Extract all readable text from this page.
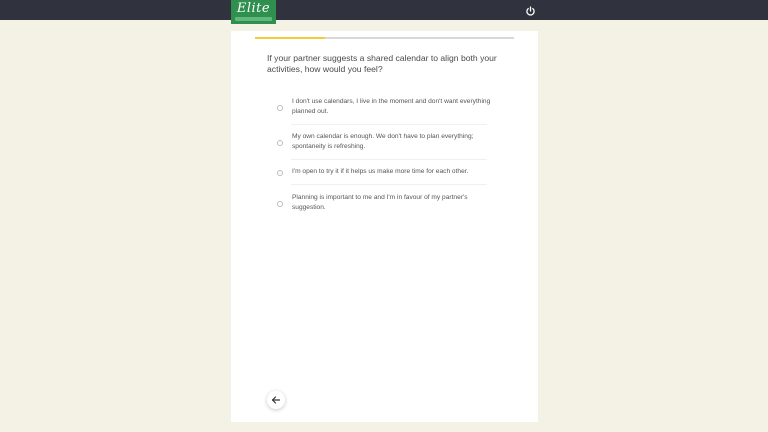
Elite
If your partner suggests a shared calendar to align both your activities, how would you feel?
I don't use calendars, I live in the moment and don't want everything planned out.
My own calendar is enough. We don't have to plan everything; spontaneity is refreshing.
I'm open to try it if it helps us make more time for each other.
Planning is important to me and I'm in favour of my partner's suggestion.
